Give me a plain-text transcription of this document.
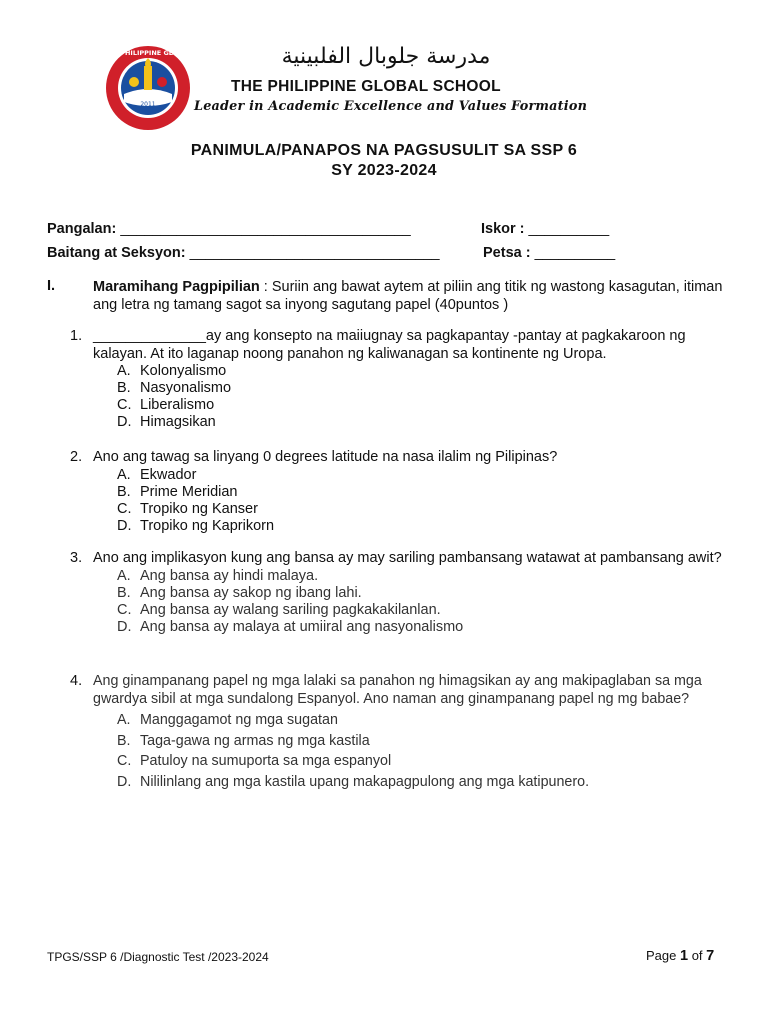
THE PHILIPPINE GLOBAL
2011
مدرسة جلوبال الفلبينية
THE PHILIPPINE GLOBAL SCHOOL
Leader in Academic Excellence and Values Formation
PANIMULA/PANAPOS NA PAGSUSULIT SA SSP 6
SY 2023-2024
Pangalan: ____________________________________	Iskor : __________
Baitang at Seksyon: _______________________________	Petsa : __________
I.	Maramihang Pagpipilian : Suriin ang bawat aytem at piliin ang titik ng wastong kasagutan, itiman ang letra ng tamang sagot sa inyong sagutang papel (40puntos )
1. ______________ay ang konsepto na maiiugnay sa pagkapantay -pantay at pagkakaroon ng kalayan. At ito laganap noong panahon ng kaliwanagan sa kontinente ng Uropa.
A. Kolonyalismo
B. Nasyonalismo
C. Liberalismo
D. Himagsikan
2. Ano ang tawag sa linyang 0 degrees latitude na nasa ilalim ng Pilipinas?
A. Ekwador
B. Prime Meridian
C. Tropiko ng Kanser
D. Tropiko ng Kaprikorn
3. Ano ang implikasyon kung ang bansa ay may sariling pambansang watawat at pambansang awit?
A. Ang bansa ay hindi malaya.
B. Ang bansa ay sakop ng ibang lahi.
C. Ang bansa ay walang sariling pagkakakilanlan.
D. Ang bansa ay malaya at umiiral ang nasyonalismo
4. Ang ginampanang papel ng mga lalaki sa panahon ng himagsikan ay ang makipaglaban sa mga gwardya sibil at mga sundalong Espanyol. Ano naman ang ginampanang papel ng mg babae?
A. Manggagamot ng mga sugatan
B. Taga-gawa ng armas ng mga kastila
C. Patuloy na sumuporta sa mga espanyol
D. Nililinlang ang mga kastila upang makapagpulong ang mga katipunero.
TPGS/SSP 6 /Diagnostic Test /2023-2024	Page 1 of 7
